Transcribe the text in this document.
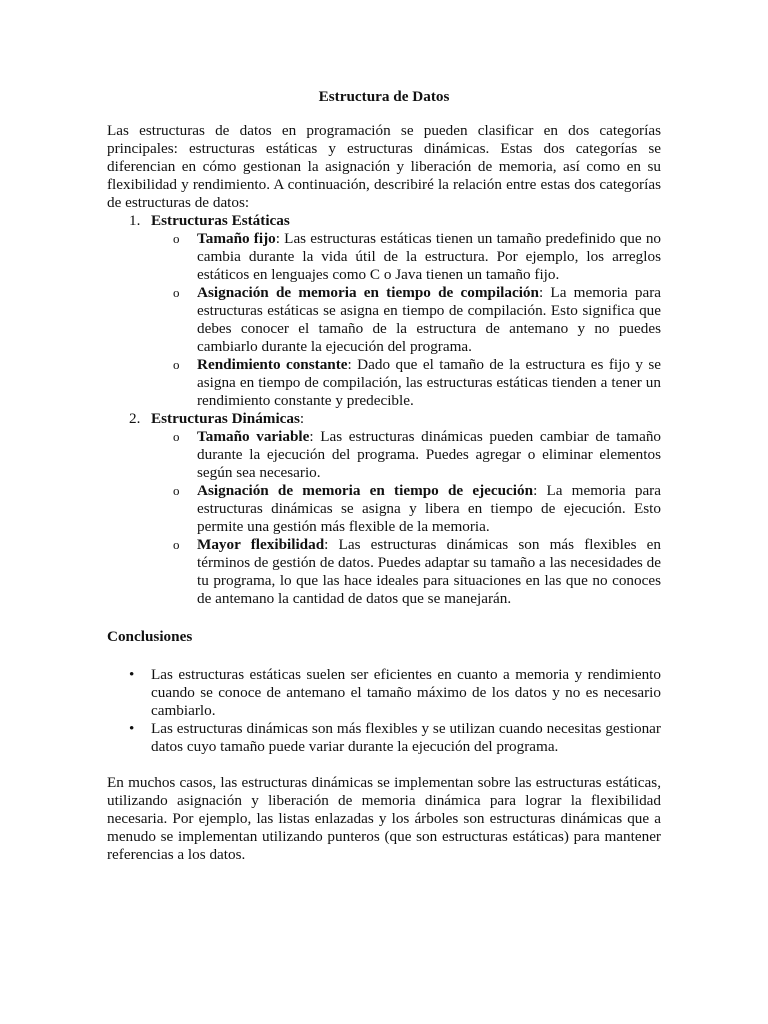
Estructura de Datos

Las estructuras de datos en programación se pueden clasificar en dos categorías principales: estructuras estáticas y estructuras dinámicas. Estas dos categorías se diferencian en cómo gestionan la asignación y liberación de memoria, así como en su flexibilidad y rendimiento. A continuación, describiré la relación entre estas dos categorías de estructuras de datos:

1. Estructuras Estáticas
o Tamaño fijo: Las estructuras estáticas tienen un tamaño predefinido que no cambia durante la vida útil de la estructura. Por ejemplo, los arreglos estáticos en lenguajes como C o Java tienen un tamaño fijo.
o Asignación de memoria en tiempo de compilación: La memoria para estructuras estáticas se asigna en tiempo de compilación. Esto significa que debes conocer el tamaño de la estructura de antemano y no puedes cambiarlo durante la ejecución del programa.
o Rendimiento constante: Dado que el tamaño de la estructura es fijo y se asigna en tiempo de compilación, las estructuras estáticas tienden a tener un rendimiento constante y predecible.
2. Estructuras Dinámicas:
o Tamaño variable: Las estructuras dinámicas pueden cambiar de tamaño durante la ejecución del programa. Puedes agregar o eliminar elementos según sea necesario.
o Asignación de memoria en tiempo de ejecución: La memoria para estructuras dinámicas se asigna y libera en tiempo de ejecución. Esto permite una gestión más flexible de la memoria.
o Mayor flexibilidad: Las estructuras dinámicas son más flexibles en términos de gestión de datos. Puedes adaptar su tamaño a las necesidades de tu programa, lo que las hace ideales para situaciones en las que no conoces de antemano la cantidad de datos que se manejarán.
Conclusiones
• Las estructuras estáticas suelen ser eficientes en cuanto a memoria y rendimiento cuando se conoce de antemano el tamaño máximo de los datos y no es necesario cambiarlo.
• Las estructuras dinámicas son más flexibles y se utilizan cuando necesitas gestionar datos cuyo tamaño puede variar durante la ejecución del programa.

En muchos casos, las estructuras dinámicas se implementan sobre las estructuras estáticas, utilizando asignación y liberación de memoria dinámica para lograr la flexibilidad necesaria. Por ejemplo, las listas enlazadas y los árboles son estructuras dinámicas que a menudo se implementan utilizando punteros (que son estructuras estáticas) para mantener referencias a los datos.
